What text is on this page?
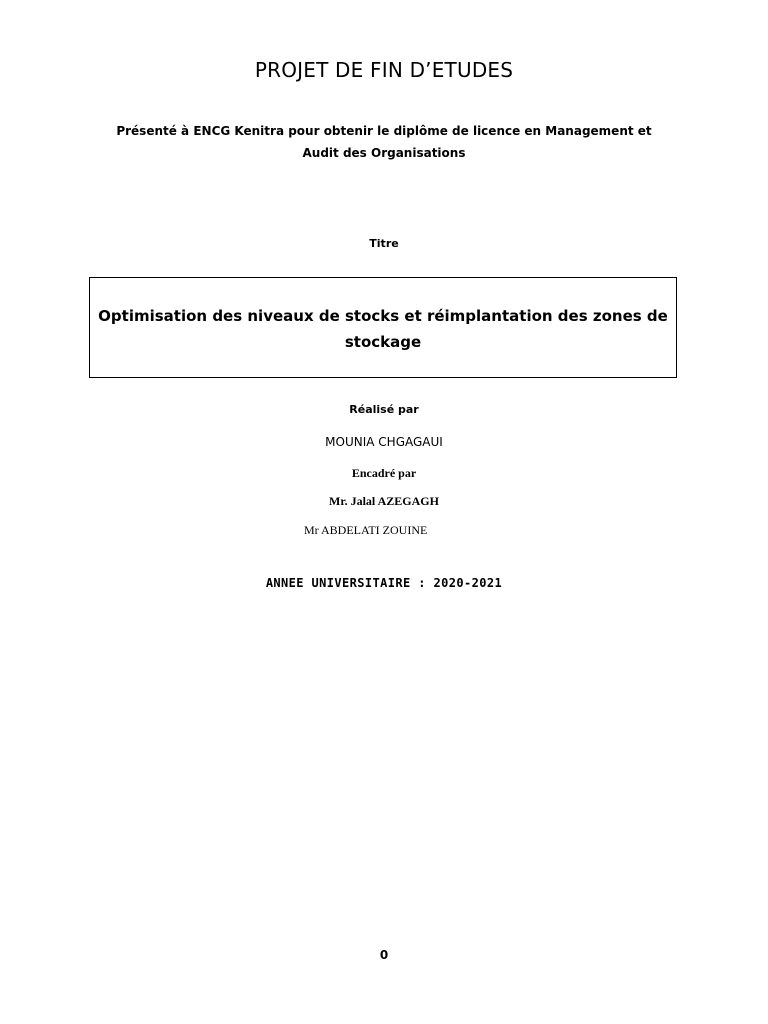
PROJET DE FIN D’ETUDES
Présenté à ENCG Kenitra pour obtenir le diplôme de licence en Management et Audit des Organisations
Titre
Optimisation des niveaux de stocks et réimplantation des zones de stockage
Réalisé par
MOUNIA CHGAGAUI
Encadré par
Mr. Jalal AZEGAGH
Mr ABDELATI ZOUINE
ANNEE UNIVERSITAIRE : 2020-2021
0
